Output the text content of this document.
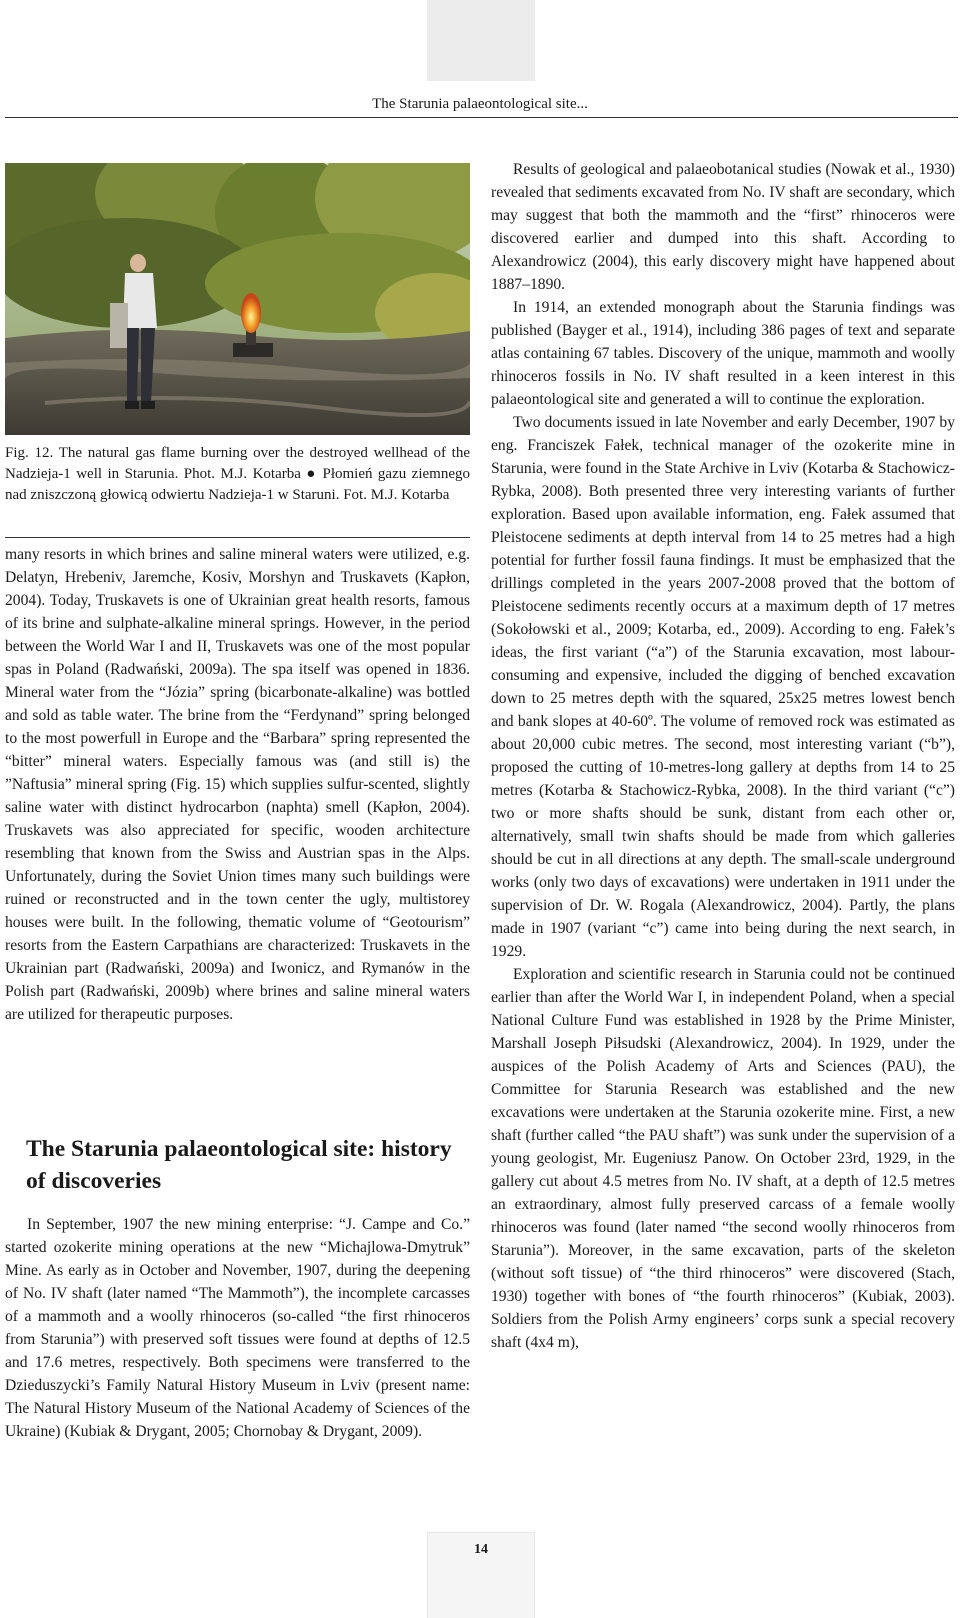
The Starunia palaeontological site...

Fig. 12. The natural gas flame burning over the destroyed wellhead of the Nadzieja-1 well in Starunia. Phot. M.J. Kotarba ● Płomień gazu ziemnego nad zniszczoną głowicą odwiertu Nadzieja-1 w Staruni. Fot. M.J. Kotarba

many resorts in which brines and saline mineral waters were utilized, e.g. Delatyn, Hrebeniv, Jaremche, Kosiv, Morshyn and Truskavets (Kapłon, 2004). Today, Truskavets is one of Ukrainian great health resorts, famous of its brine and sulphate-alkaline mineral springs. However, in the period between the World War I and II, Truskavets was one of the most popular spas in Poland (Radwański, 2009a). The spa itself was opened in 1836. Mineral water from the “Józia” spring (bicarbonate-alkaline) was bottled and sold as table water. The brine from the “Ferdynand” spring belonged to the most powerfull in Europe and the “Barbara” spring represented the “bitter” mineral waters. Especially famous was (and still is) the ”Naftusia” mineral spring (Fig. 15) which supplies sulfur-scented, slightly saline water with distinct hydrocarbon (naphta) smell (Kapłon, 2004). Truskavets was also appreciated for specific, wooden architecture resembling that known from the Swiss and Austrian spas in the Alps. Unfortunately, during the Soviet Union times many such buildings were ruined or reconstructed and in the town center the ugly, multistorey houses were built. In the following, thematic volume of “Geotourism” resorts from the Eastern Carpathians are characterized: Truskavets in the Ukrainian part (Radwański, 2009a) and Iwonicz, and Rymanów in the Polish part (Radwański, 2009b) where brines and saline mineral waters are utilized for therapeutic purposes.

The Starunia palaeontological site: history of discoveries

In September, 1907 the new mining enterprise: “J. Campe and Co.” started ozokerite mining operations at the new “Michajlowa-Dmytruk” Mine. As early as in October and November, 1907, during the deepening of No. IV shaft (later named “The Mammoth”), the incomplete carcasses of a mammoth and a woolly rhinoceros (so-called “the first rhinoceros from Starunia”) with preserved soft tissues were found at depths of 12.5 and 17.6 metres, respectively. Both specimens were transferred to the Dzieduszycki’s Family Natural History Museum in Lviv (present name: The Natural History Museum of the National Academy of Sciences of the Ukraine) (Kubiak & Drygant, 2005; Chornobay & Drygant, 2009).

Results of geological and palaeobotanical studies (Nowak et al., 1930) revealed that sediments excavated from No. IV shaft are secondary, which may suggest that both the mammoth and the “first” rhinoceros were discovered earlier and dumped into this shaft. According to Alexandrowicz (2004), this early discovery might have happened about 1887–1890.

In 1914, an extended monograph about the Starunia findings was published (Bayger et al., 1914), including 386 pages of text and separate atlas containing 67 tables. Discovery of the unique, mammoth and woolly rhinoceros fossils in No. IV shaft resulted in a keen interest in this palaeontological site and generated a will to continue the exploration.

Two documents issued in late November and early December, 1907 by eng. Franciszek Fałek, technical manager of the ozokerite mine in Starunia, were found in the State Archive in Lviv (Kotarba & Stachowicz-Rybka, 2008). Both presented three very interesting variants of further exploration. Based upon available information, eng. Fałek assumed that Pleistocene sediments at depth interval from 14 to 25 metres had a high potential for further fossil fauna findings. It must be emphasized that the drillings completed in the years 2007-2008 proved that the bottom of Pleistocene sediments recently occurs at a maximum depth of 17 metres (Sokołowski et al., 2009; Kotarba, ed., 2009). According to eng. Fałek’s ideas, the first variant (“a”) of the Starunia excavation, most labour-consuming and expensive, included the digging of benched excavation down to 25 metres depth with the squared, 25x25 metres lowest bench and bank slopes at 40-60º. The volume of removed rock was estimated as about 20,000 cubic metres. The second, most interesting variant (“b”), proposed the cutting of 10-metres-long gallery at depths from 14 to 25 metres (Kotarba & Stachowicz-Rybka, 2008). In the third variant (“c”) two or more shafts should be sunk, distant from each other or, alternatively, small twin shafts should be made from which galleries should be cut in all directions at any depth. The small-scale underground works (only two days of excavations) were undertaken in 1911 under the supervision of Dr. W. Rogala (Alexandrowicz, 2004). Partly, the plans made in 1907 (variant “c”) came into being during the next search, in 1929.

Exploration and scientific research in Starunia could not be continued earlier than after the World War I, in independent Poland, when a special National Culture Fund was established in 1928 by the Prime Minister, Marshall Joseph Piłsudski (Alexandrowicz, 2004). In 1929, under the auspices of the Polish Academy of Arts and Sciences (PAU), the Committee for Starunia Research was established and the new excavations were undertaken at the Starunia ozokerite mine. First, a new shaft (further called “the PAU shaft”) was sunk under the supervision of a young geologist, Mr. Eugeniusz Panow. On October 23rd, 1929, in the gallery cut about 4.5 metres from No. IV shaft, at a depth of 12.5 metres an extraordinary, almost fully preserved carcass of a female woolly rhinoceros was found (later named “the second woolly rhinoceros from Starunia”). Moreover, in the same excavation, parts of the skeleton (without soft tissue) of “the third rhinoceros” were discovered (Stach, 1930) together with bones of “the fourth rhinoceros” (Kubiak, 2003). Soldiers from the Polish Army engineers’ corps sunk a special recovery shaft (4x4 m),

14
